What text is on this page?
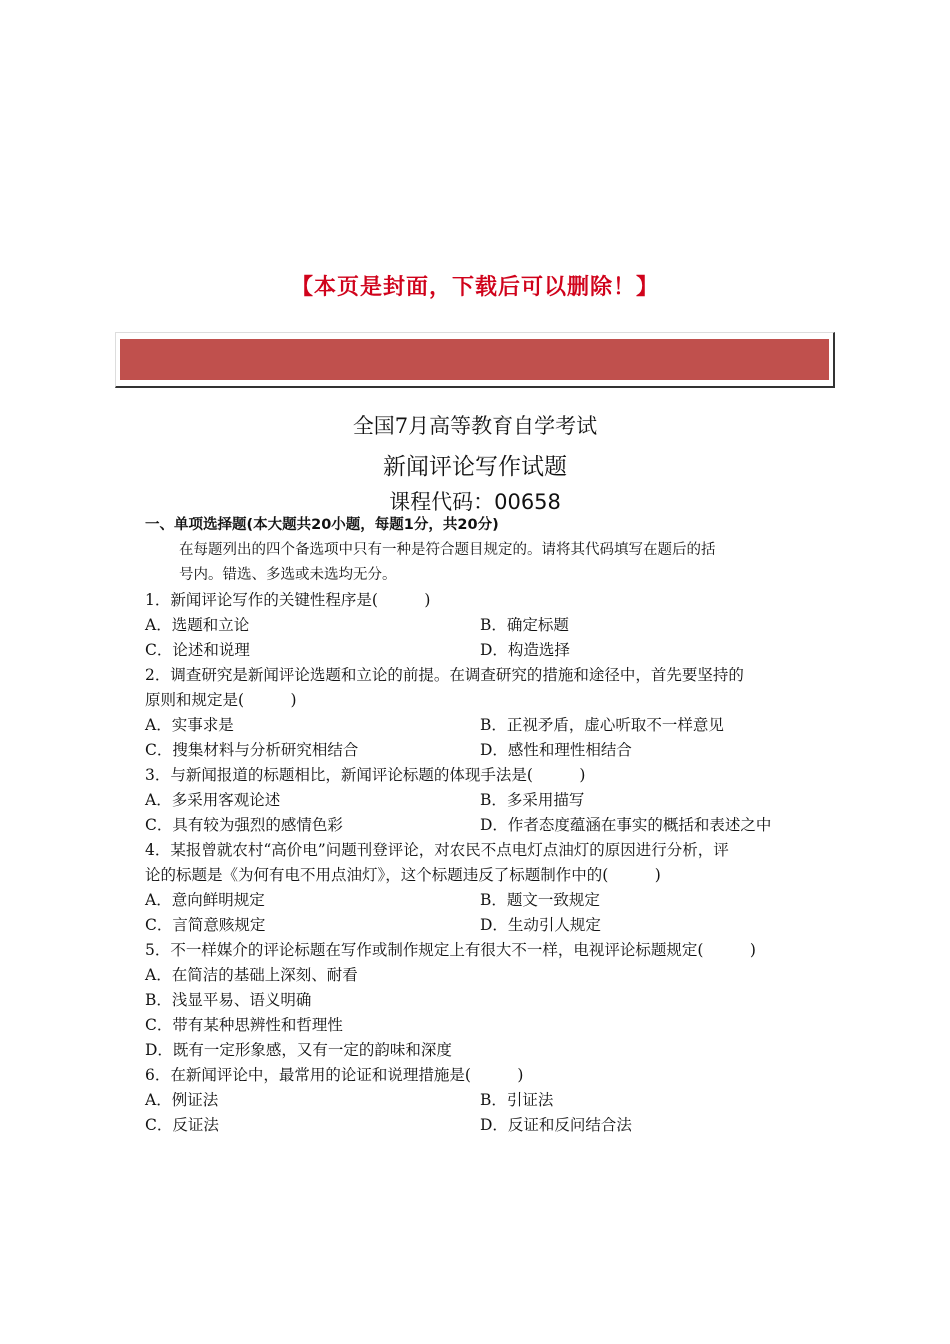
【本页是封面，下载后可以删除！】
全国7月高等教育自学考试
新闻评论写作试题
课程代码：00658
一、单项选择题(本大题共20小题，每题1分，共20分)
在每题列出的四个备选项中只有一种是符合题目规定的。请将其代码填写在题后的括
号内。错选、多选或未选均无分。
1．新闻评论写作的关键性程序是(　　　)
A．选题和立论	B．确定标题
C．论述和说理	D．构造选择
2．调查研究是新闻评论选题和立论的前提。在调查研究的措施和途径中，首先要坚持的
原则和规定是(　　　)
A．实事求是	B．正视矛盾，虚心听取不一样意见
C．搜集材料与分析研究相结合	D．感性和理性相结合
3．与新闻报道的标题相比，新闻评论标题的体现手法是(　　　)
A．多采用客观论述	B．多采用描写
C．具有较为强烈的感情色彩	D．作者态度蕴涵在事实的概括和表述之中
4．某报曾就农村“高价电”问题刊登评论，对农民不点电灯点油灯的原因进行分析，评
论的标题是《为何有电不用点油灯》，这个标题违反了标题制作中的(　　　)
A．意向鲜明规定	B．题文一致规定
C．言简意赅规定	D．生动引人规定
5．不一样媒介的评论标题在写作或制作规定上有很大不一样，电视评论标题规定(　　　)
A．在简洁的基础上深刻、耐看
B．浅显平易、语义明确
C．带有某种思辨性和哲理性
D．既有一定形象感，又有一定的韵味和深度
6．在新闻评论中，最常用的论证和说理措施是(　　　)
A．例证法	B．引证法
C．反证法	D．反证和反问结合法
